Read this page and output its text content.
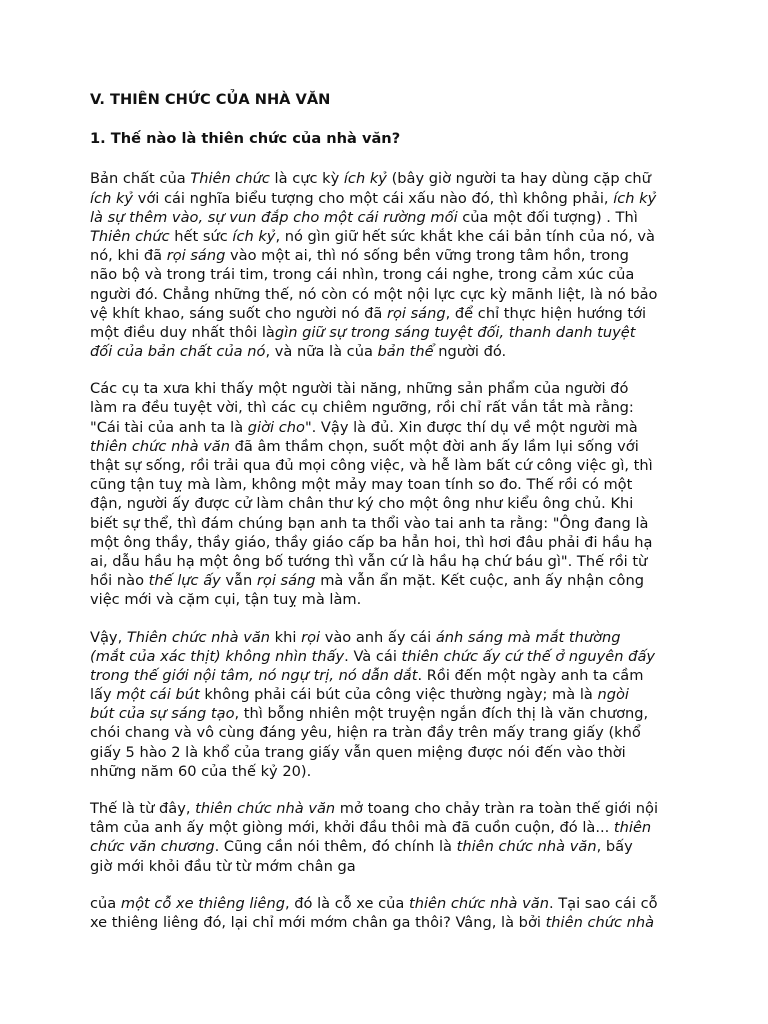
V. THIÊN CHỨC CỦA NHÀ VĂN
1. Thế nào là thiên chức của nhà văn?

Bản chất của Thiên chức là cực kỳ ích kỷ (bây giờ người ta hay dùng cặp chữ
ích kỷ với cái nghĩa biểu tượng cho một cái xấu nào đó, thì không phải, ích kỷ
là sự thêm vào, sự vun đắp cho một cái rường mối của một đối tượng) . Thì
Thiên chức hết sức ích kỷ, nó gìn giữ hết sức khắt khe cái bản tính của nó, và
nó, khi đã rọi sáng vào một ai, thì nó sống bền vững trong tâm hồn, trong
não bộ và trong trái tim, trong cái nhìn, trong cái nghe, trong cảm xúc của
người đó. Chẳng những thế, nó còn có một nội lực cực kỳ mãnh liệt, là nó bảo
vệ khít khao, sáng suốt cho người nó đã rọi sáng, để chỉ thực hiện hướng tới
một điều duy nhất thôi làgìn giữ sự trong sáng tuyệt đối, thanh danh tuyệt
đối của bản chất của nó, và nữa là của bản thể người đó.

Các cụ ta xưa khi thấy một người tài năng, những sản phẩm của người đó
làm ra đều tuyệt vời, thì các cụ chiêm ngưỡng, rồi chỉ rất vắn tắt mà rằng:
"Cái tài của anh ta là giời cho". Vậy là đủ. Xin được thí dụ về một người mà
thiên chức nhà văn đã âm thầm chọn, suốt một đời anh ấy lầm lụi sống với
thật sự sống, rồi trải qua đủ mọi công việc, và hễ làm bất cứ công việc gì, thì
cũng tận tuỵ mà làm, không một mảy may toan tính so đo. Thế rồi có một
đận, người ấy được cử làm chân thư ký cho một ông như kiểu ông chủ. Khi
biết sự thể, thì đám chúng bạn anh ta thổi vào tai anh ta rằng: "Ông đang là
một ông thầy, thầy giáo, thầy giáo cấp ba hẳn hoi, thì hơi đâu phải đi hầu hạ
ai, dẫu hầu hạ một ông bố tướng thì vẫn cứ là hầu hạ chứ báu gì". Thế rồi từ
hồi nào thế lực ấy vẫn rọi sáng mà vẫn ẩn mặt. Kết cuộc, anh ấy nhận công
việc mới và cặm cụi, tận tuỵ mà làm.

Vậy, Thiên chức nhà văn khi rọi vào anh ấy cái ánh sáng mà mắt thường
(mắt của xác thịt) không nhìn thấy. Và cái thiên chức ấy cứ thế ở nguyên đấy
trong thế giới nội tâm, nó ngự trị, nó dẫn dắt. Rồi đến một ngày anh ta cầm
lấy một cái bút không phải cái bút của công việc thường ngày; mà là ngòi
bút của sự sáng tạo, thì bỗng nhiên một truyện ngắn đích thị là văn chương,
chói chang và vô cùng đáng yêu, hiện ra tràn đầy trên mấy trang giấy (khổ
giấy 5 hào 2 là khổ của trang giấy vẫn quen miệng được nói đến vào thời
những năm 60 của thế kỷ 20).

Thế là từ đây, thiên chức nhà văn mở toang cho chảy tràn ra toàn thế giới nội
tâm của anh ấy một giòng mới, khởi đầu thôi mà đã cuồn cuộn, đó là... thiên
chức văn chương. Cũng cần nói thêm, đó chính là thiên chức nhà văn, bấy
giờ mới khỏi đầu từ từ mớm chân ga

của một cỗ xe thiêng liêng, đó là cỗ xe của thiên chức nhà văn. Tại sao cái cỗ
xe thiêng liêng đó, lại chỉ mới mớm chân ga thôi? Vâng, là bởi thiên chức nhà
